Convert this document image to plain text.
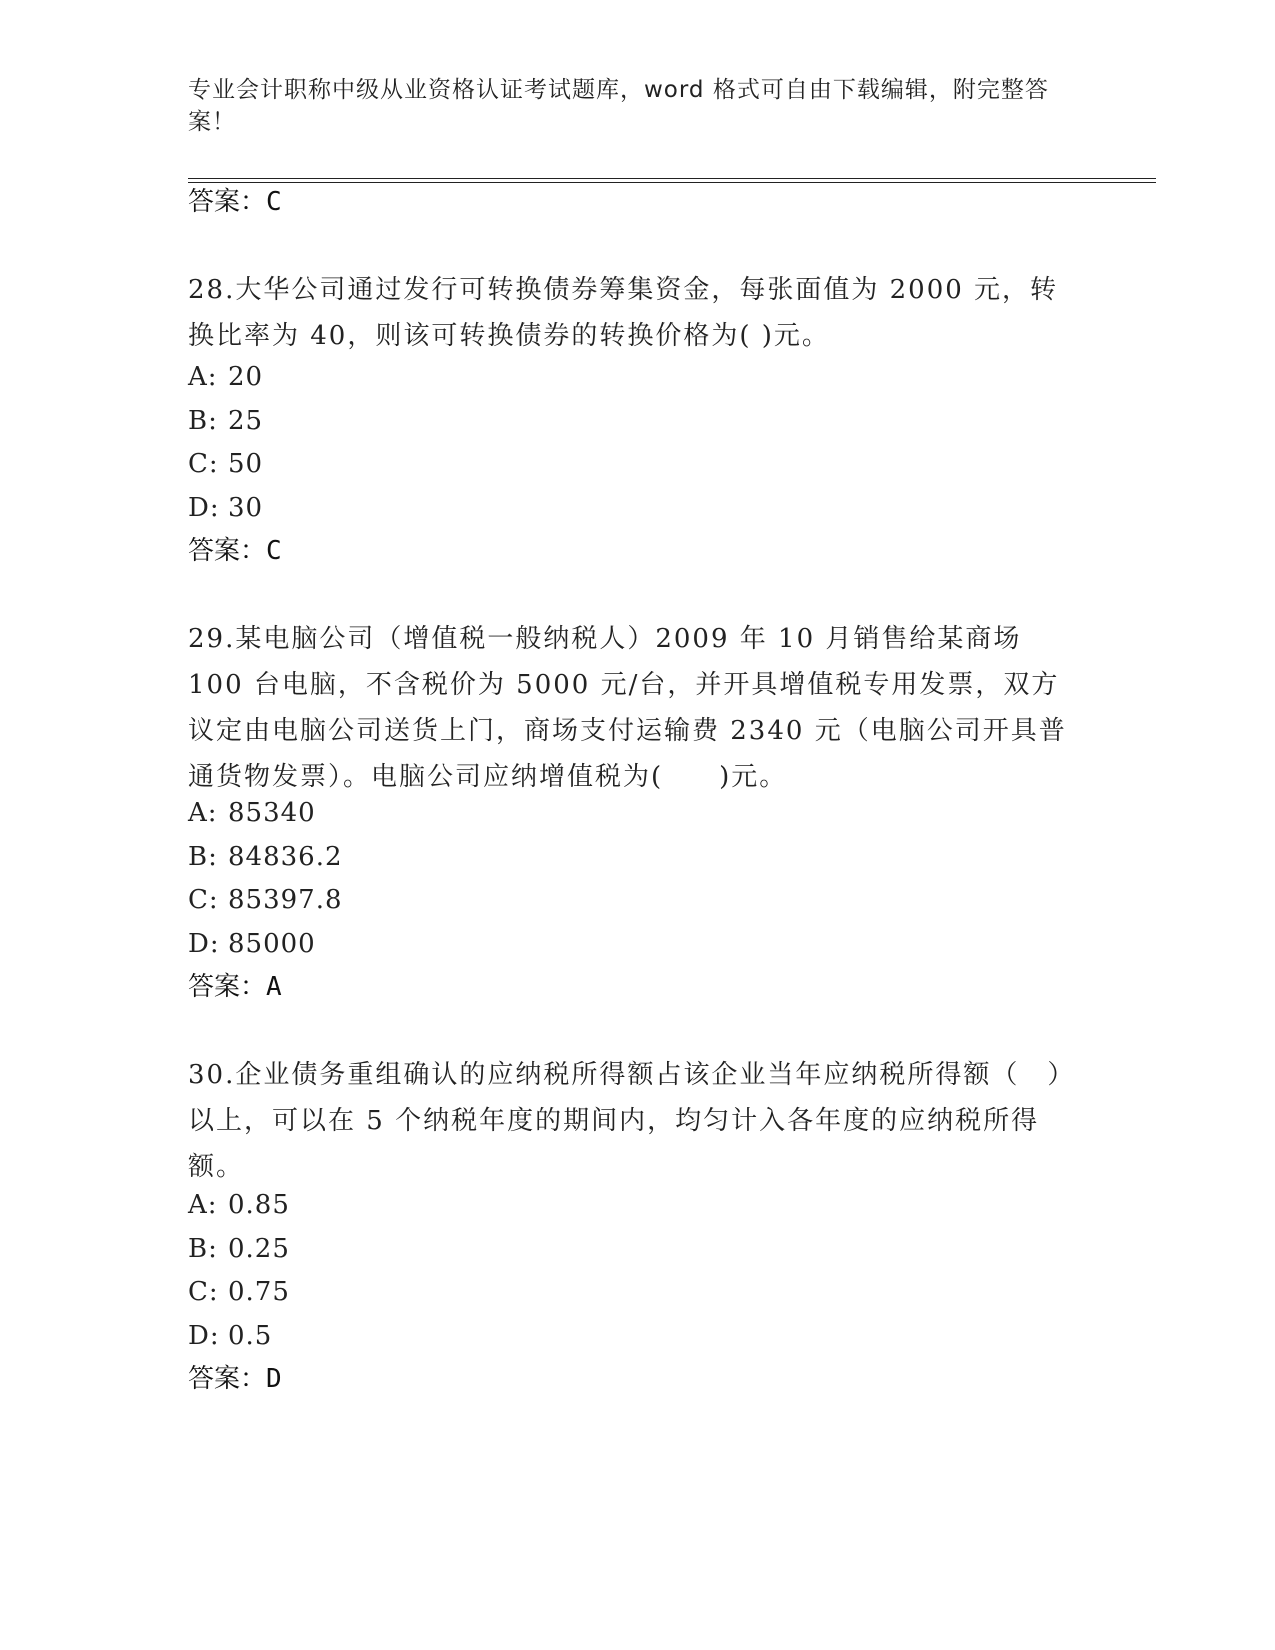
专业会计职称中级从业资格认证考试题库，word 格式可自由下载编辑，附完整答案！
答案：C
28.大华公司通过发行可转换债券筹集资金，每张面值为 2000 元，转换比率为 40，则该可转换债券的转换价格为( )元。
A: 20
B: 25
C: 50
D: 30
答案：C
29.某电脑公司（增值税一般纳税人）2009 年 10 月销售给某商场 100 台电脑，不含税价为 5000 元/台，并开具增值税专用发票，双方议定由电脑公司送货上门，商场支付运输费 2340 元（电脑公司开具普通货物发票）。电脑公司应纳增值税为(　　)元。
A: 85340
B: 84836.2
C: 85397.8
D: 85000
答案：A
30.企业债务重组确认的应纳税所得额占该企业当年应纳税所得额（　）以上，可以在 5 个纳税年度的期间内，均匀计入各年度的应纳税所得额。
A: 0.85
B: 0.25
C: 0.75
D: 0.5
答案：D
